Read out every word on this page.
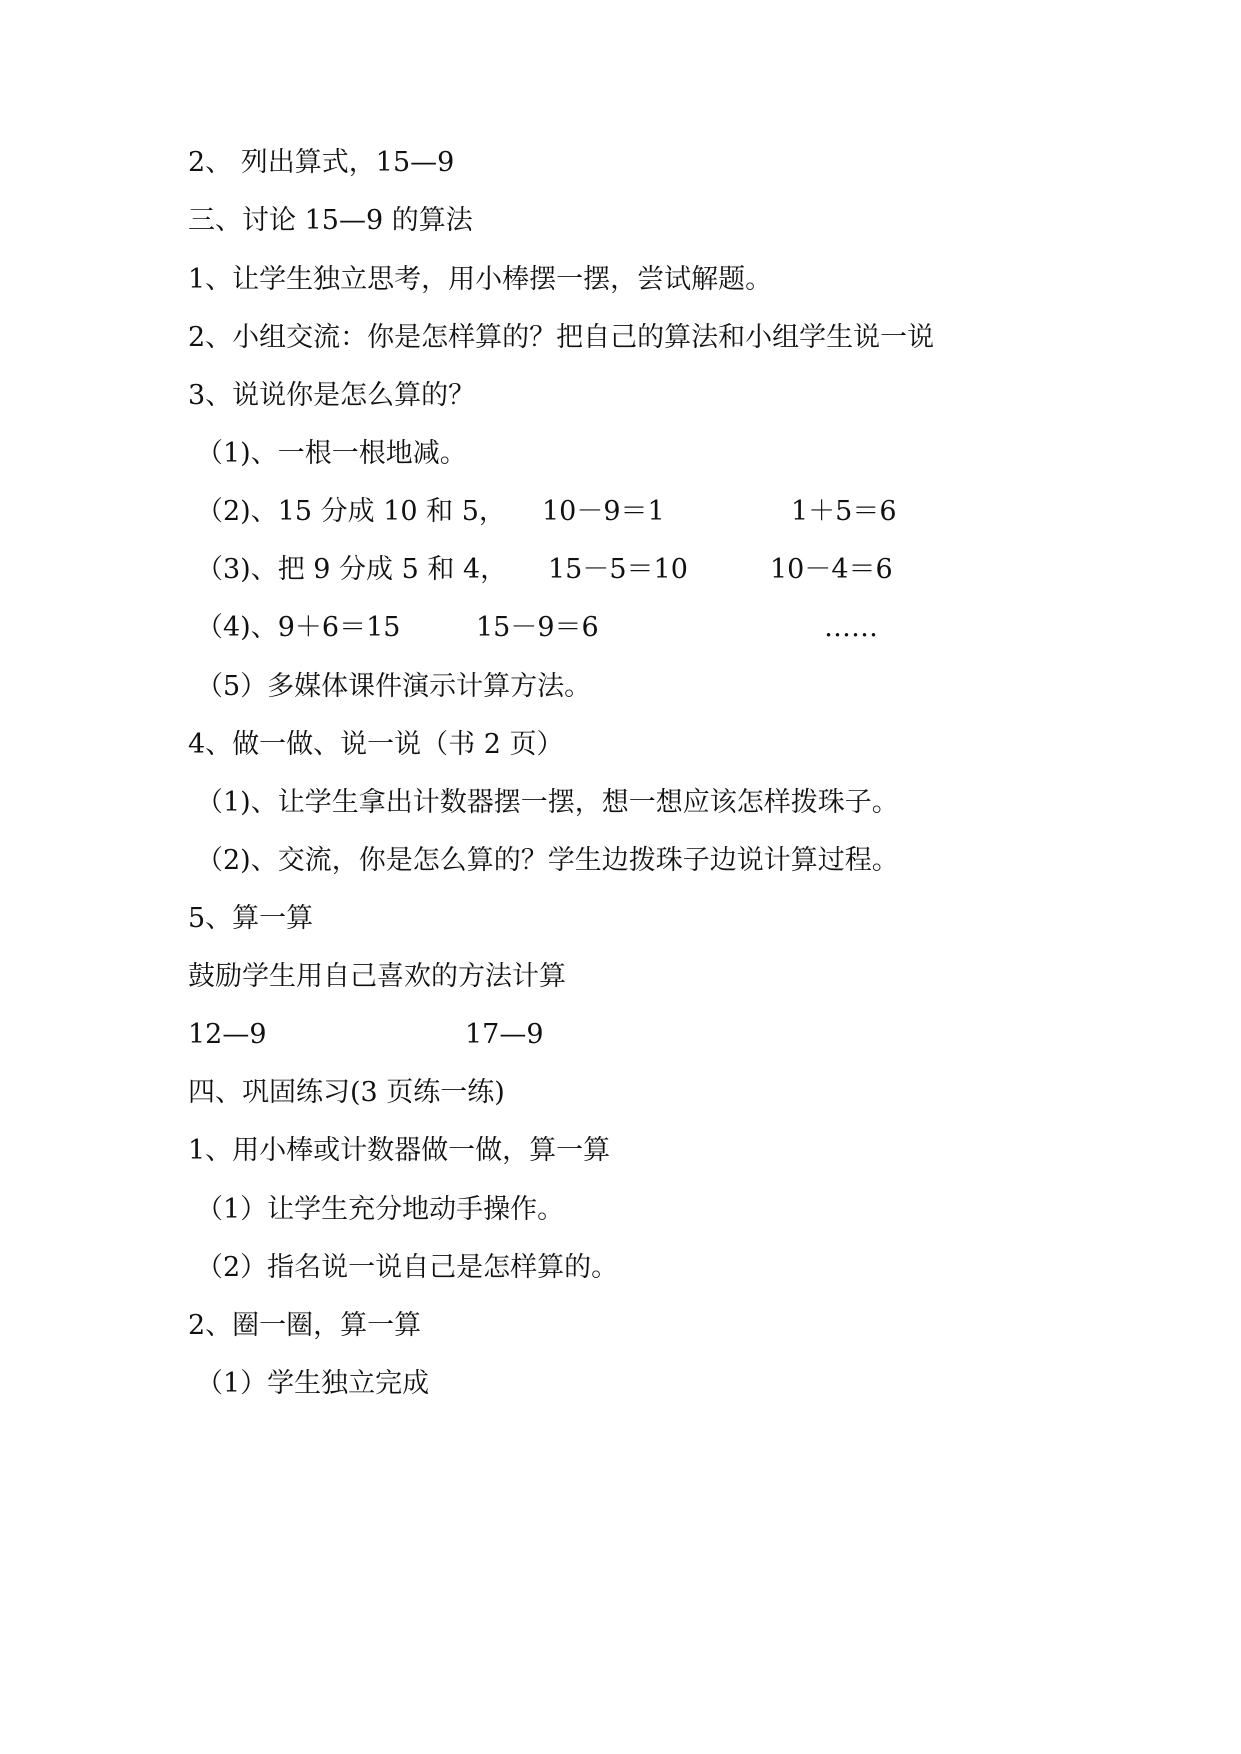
2、 列出算式，15—9

三、讨论 15—9 的算法

1、让学生独立思考，用小棒摆一摆，尝试解题。

2、小组交流：你是怎样算的？把自己的算法和小组学生说一说

3、说说你是怎么算的？

（1)、一根一根地减。

（2)、15 分成 10 和 5， 10－9＝1	1＋5＝6
（3)、把 9 分成 5 和 4， 15－5＝10	10－4＝6
（4)、9＋6＝15	15－9＝6	……

（5）多媒体课件演示计算方法。

4、做一做、说一说（书 2 页）

（1)、让学生拿出计数器摆一摆，想一想应该怎样拨珠子。

（2)、交流，你是怎么算的？学生边拨珠子边说计算过程。

5、算一算

鼓励学生用自己喜欢的方法计算

12—9	17—9

四、巩固练习(3 页练一练)

1、用小棒或计数器做一做，算一算

（1）让学生充分地动手操作。

（2）指名说一说自己是怎样算的。

2、圈一圈，算一算

（1）学生独立完成
